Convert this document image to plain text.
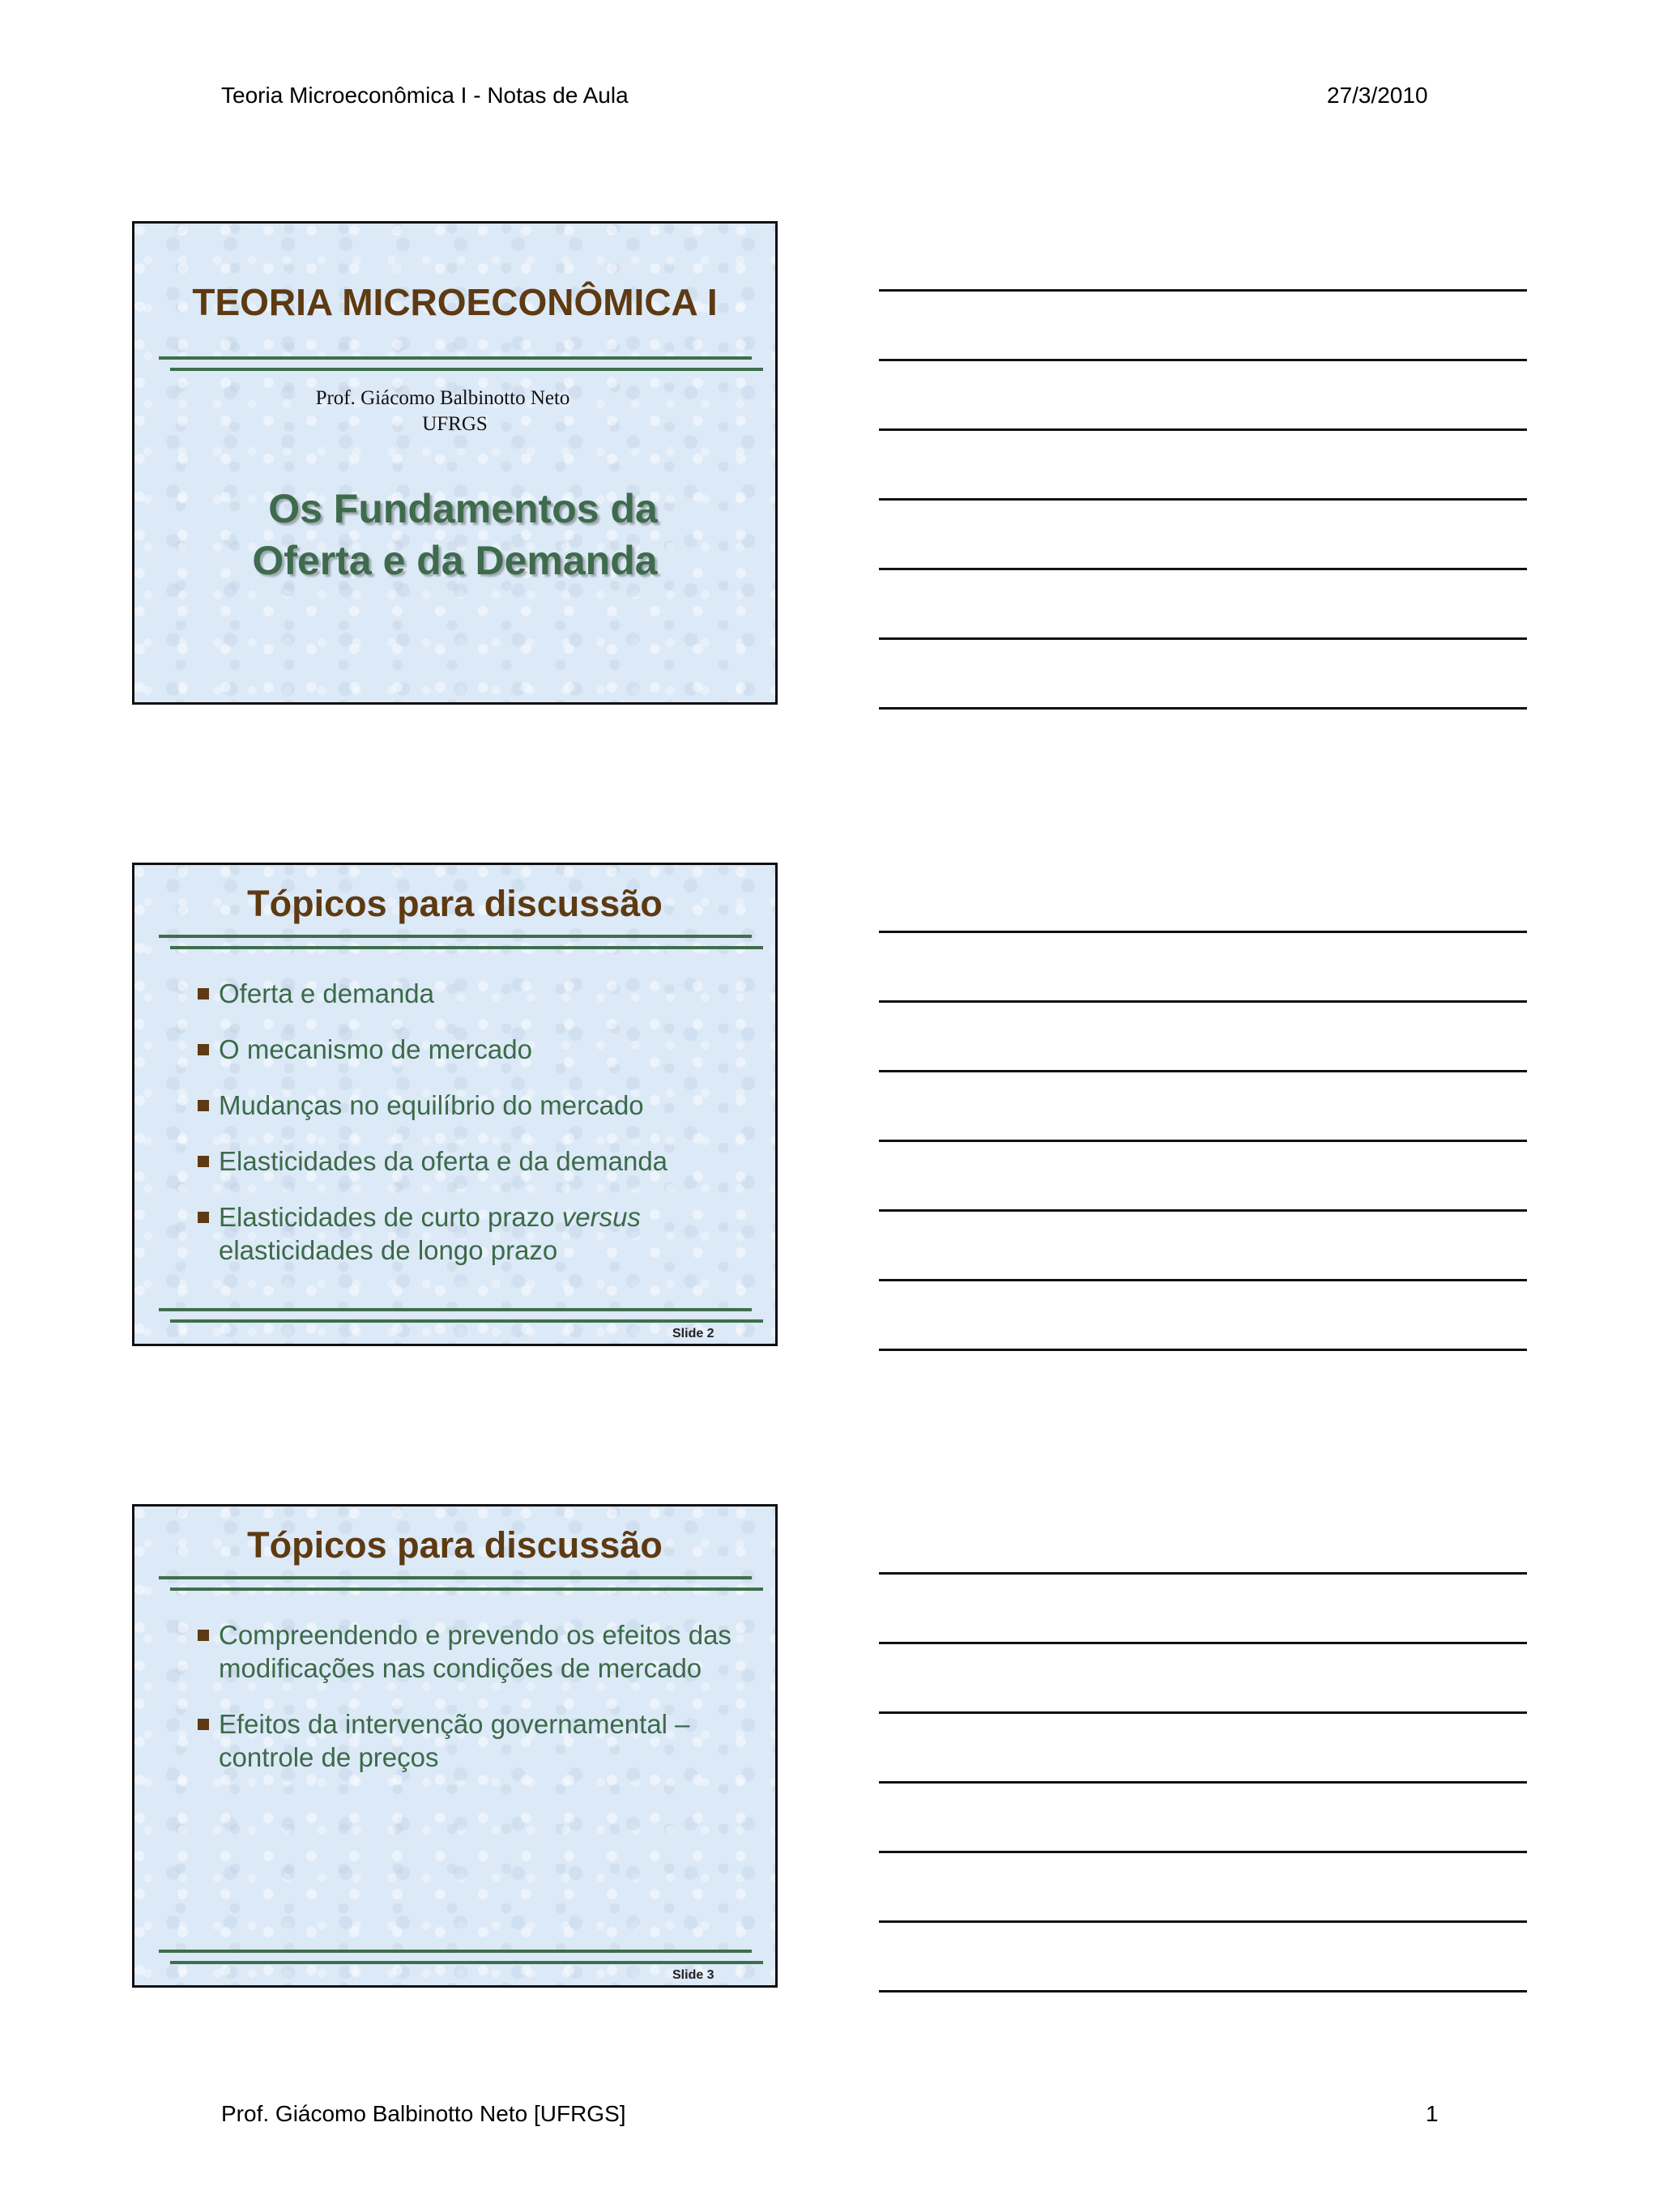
Teoria Microeconômica I - Notas de Aula	27/3/2010
TEORIA MICROECONÔMICA I
Prof. Giácomo Balbinotto Neto
UFRGS
Os Fundamentos da
Oferta e da Demanda
Tópicos para discussão
Oferta e demanda
O mecanismo de mercado
Mudanças no equilíbrio do mercado
Elasticidades da oferta e da demanda
Elasticidades de curto prazo versus
elasticidades de longo prazo
Slide 2
Tópicos para discussão
Compreendendo e prevendo os efeitos das modificações nas condições de mercado
Efeitos da intervenção governamental – controle de preços
Slide 3
Prof. Giácomo Balbinotto Neto [UFRGS]	1
